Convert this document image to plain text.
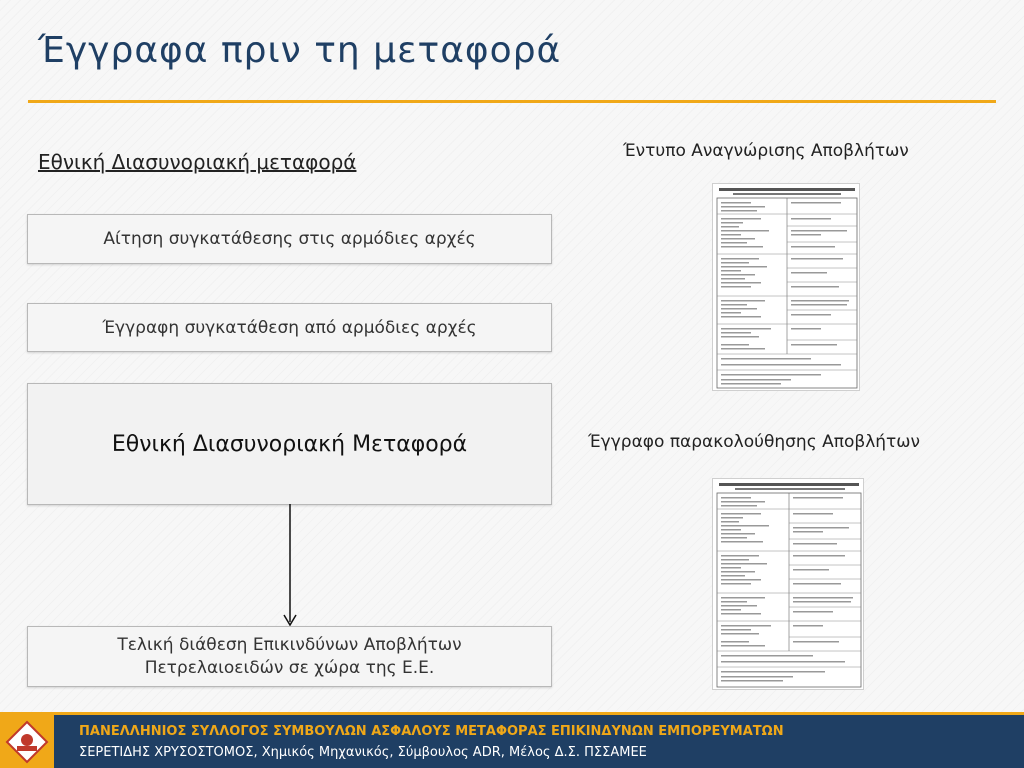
Έγγραφα πριν τη μεταφορά
Εθνική Διασυνοριακή μεταφορά
Αίτηση συγκατάθεσης στις αρμόδιες αρχές
Έγγραφη συγκατάθεση από αρμόδιες αρχές
Εθνική Διασυνοριακή Μεταφορά
Τελική διάθεση Επικινδύνων Αποβλήτων
Πετρελαιοειδών σε χώρα της Ε.Ε.
Έντυπο Αναγνώρισης Αποβλήτων
Έγγραφο παρακολούθησης Αποβλήτων
ΠΑΝΕΛΛΗΝΙΟΣ ΣΥΛΛΟΓΟΣ ΣΥΜΒΟΥΛΩΝ ΑΣΦΑΛΟΥΣ ΜΕΤΑΦΟΡΑΣ ΕΠΙΚΙΝΔΥΝΩΝ ΕΜΠΟΡΕΥΜΑΤΩΝ
ΣΕΡΕΤΙΔΗΣ ΧΡΥΣΟΣΤΟΜΟΣ, Χημικός Μηχανικός, Σύμβουλος ADR, Μέλος Δ.Σ. ΠΣΣΑΜΕΕ
